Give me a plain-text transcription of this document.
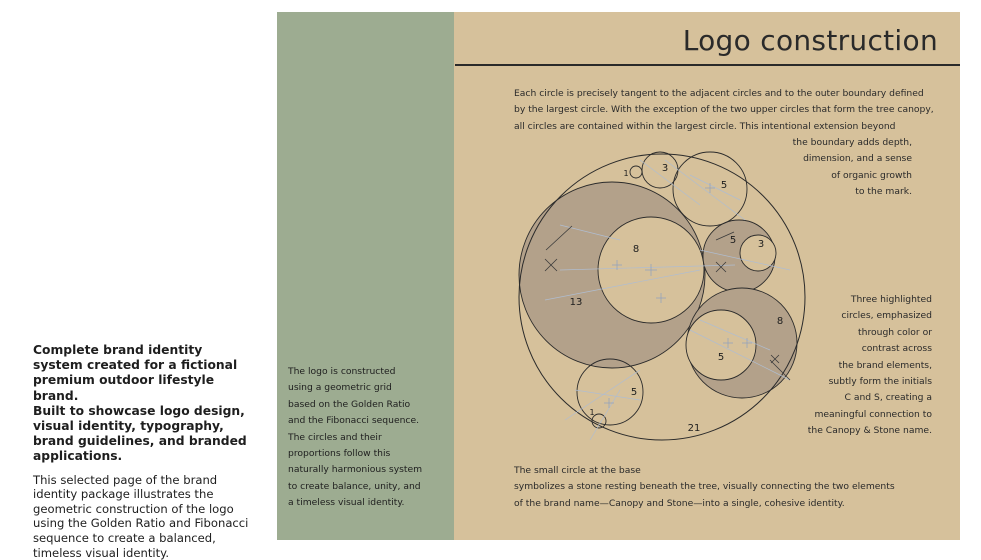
Complete brand identity system created for a fictional premium outdoor lifestyle brand.
Built to showcase logo design, visual identity, typography, brand guidelines, and branded applications.

This selected page of the brand identity package illustrates the geometric construction of the logo using the Golden Ratio and Fibonacci sequence to create a balanced, timeless visual identity.

The logo is constructed
using a geometric grid
based on the Golden Ratio
and the Fibonacci sequence.
The circles and their
proportions follow this
naturally harmonious system
to create balance, unity, and
a timeless visual identity.

Logo construction

Each circle is precisely tangent to the adjacent circles and to the outer boundary defined
by the largest circle. With the exception of the two upper circles that form the tree canopy,
all circles are contained within the largest circle. This intentional extension beyond

the boundary adds depth,
dimension, and a sense
of organic growth
to the mark.

Three highlighted
circles, emphasized
through color or
contrast across
the brand elements,
subtly form the initials
C and S, creating a
meaningful connection to
the Canopy & Stone name.

The small circle at the base
symbolizes a stone resting beneath the tree, visually connecting the two elements
of the brand name—Canopy and Stone—into a single, cohesive identity.

21
13
8
8
5
5
5
5
3
3
1
1
